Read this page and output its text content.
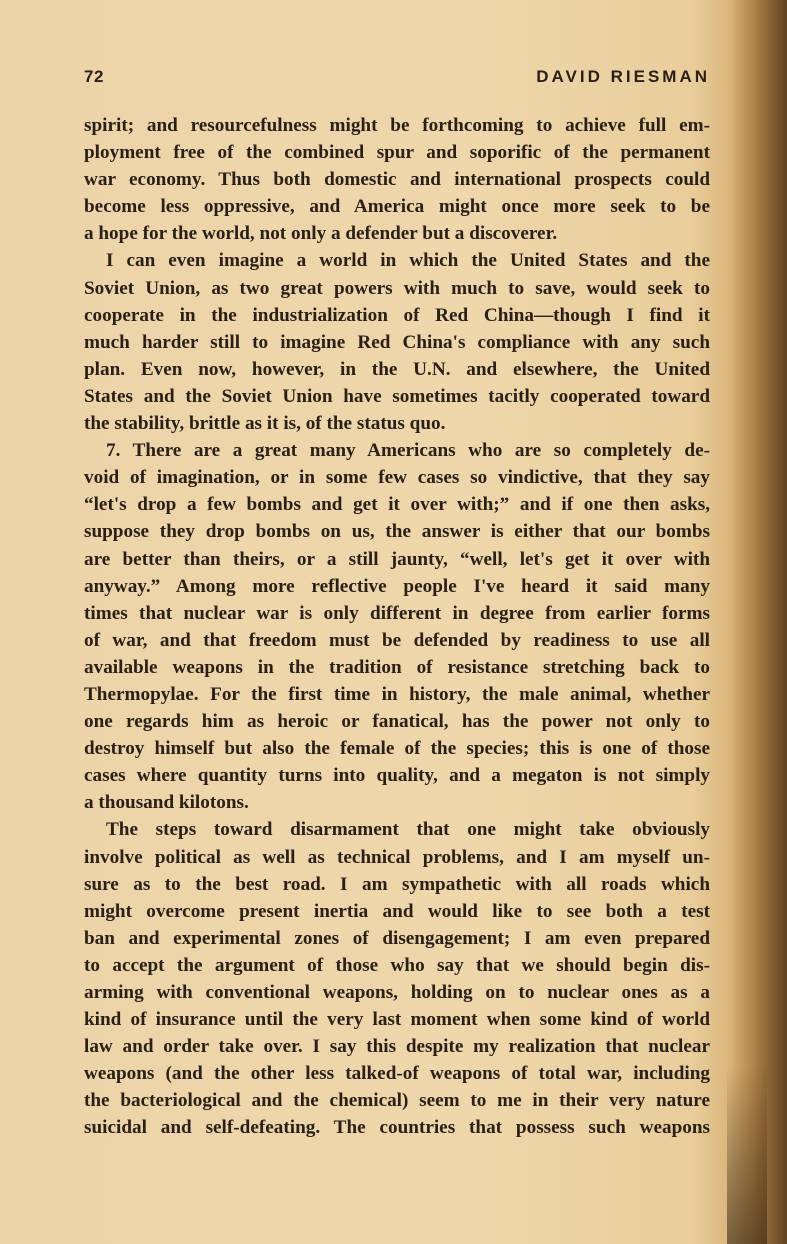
72	DAVID RIESMAN
spirit; and resourcefulness might be forthcoming to achieve full em-
ployment free of the combined spur and soporific of the permanent
war economy. Thus both domestic and international prospects could
become less oppressive, and America might once more seek to be
a hope for the world, not only a defender but a discoverer.
I can even imagine a world in which the United States and the
Soviet Union, as two great powers with much to save, would seek to
cooperate in the industrialization of Red China—though I find it
much harder still to imagine Red China's compliance with any such
plan. Even now, however, in the U.N. and elsewhere, the United
States and the Soviet Union have sometimes tacitly cooperated toward
the stability, brittle as it is, of the status quo.
7. There are a great many Americans who are so completely de-
void of imagination, or in some few cases so vindictive, that they say
“let's drop a few bombs and get it over with;” and if one then asks,
suppose they drop bombs on us, the answer is either that our bombs
are better than theirs, or a still jaunty, “well, let's get it over with
anyway.” Among more reflective people I've heard it said many
times that nuclear war is only different in degree from earlier forms
of war, and that freedom must be defended by readiness to use all
available weapons in the tradition of resistance stretching back to
Thermopylae. For the first time in history, the male animal, whether
one regards him as heroic or fanatical, has the power not only to
destroy himself but also the female of the species; this is one of those
cases where quantity turns into quality, and a megaton is not simply
a thousand kilotons.
The steps toward disarmament that one might take obviously
involve political as well as technical problems, and I am myself un-
sure as to the best road. I am sympathetic with all roads which
might overcome present inertia and would like to see both a test
ban and experimental zones of disengagement; I am even prepared
to accept the argument of those who say that we should begin dis-
arming with conventional weapons, holding on to nuclear ones as a
kind of insurance until the very last moment when some kind of world
law and order take over. I say this despite my realization that nuclear
weapons (and the other less talked-of weapons of total war, including
the bacteriological and the chemical) seem to me in their very nature
suicidal and self-defeating. The countries that possess such weapons
